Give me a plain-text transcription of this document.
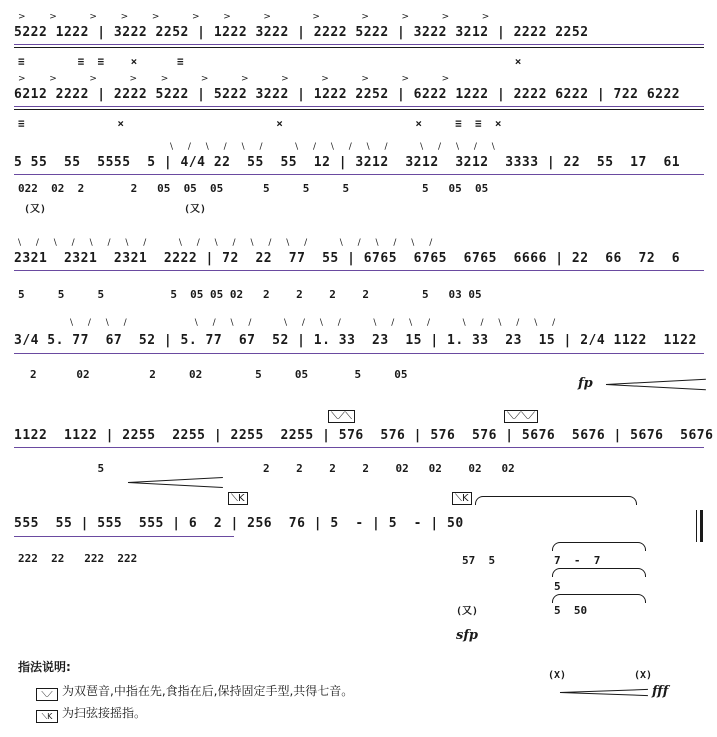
>  >   >  >  >   >  >   >    >    >   >   >   >
5222 1222 | 3222 2252 | 1222 3222 | 2222 5222 | 3222 3212 | 2222 2252
≡        ≡  ≡    ×      ≡                                                  ×
>  >   >   >  >   >   >   >   >   >   >   >
6212 2222 | 2222 5222 | 5222 3222 | 1222 2252 | 6222 1222 | 2222 6222 | 722 6222
≡              ×                       ×                    ×     ≡  ≡  ×
\ / \ / \ /   \ / \ / \ /   \ / \ / \
5 55  55  5555  5 | 4/4 22  55  55  12 | 3212  3212  3212  3333 | 22  55  17  61
022  02  2       2   05  05  05      5     5     5           5   05  05
(又)	(又)
\ / \ / \ / \ /   \ / \ / \ / \ /   \ / \ / \ /
2321  2321  2321  2222 | 72  22  77  55 | 6765  6765  6765  6666 | 22  66  72  6
5     5     5          5  05 05 02   2    2    2    2        5   03 05
\ / \ /       \ / \ /   \ / \ /   \ / \ /   \ / \ / \ /
3/4 5. 77  67  52 | 5. 77  67  52 | 1. 33  23  15 | 1. 33  23  15 | 2/4 1122  1122
2      02         2     02        5     05       5     05
fp
⟍⟋⟍	⟍⟋⟍⟋
1122  1122 | 2255  2255 | 2255  2255 | 576  576 | 576  576 | 5676  5676 | 5676  5676
5                        2    2    2    2    02   02    02   02
⟍K	⟍K
555  55 | 555  555 | 6  2 | 256  76 | 5  - | 5  - | 50
222  22   222  222	57  5	7  -  7
5
5  50
(又)
sfp
(X)	(X)
fff
指法说明:
⟍⟋ 为双琶音,中指在先,食指在后,保持固定手型,共得七音。
⟍K 为扫弦接摇指。
